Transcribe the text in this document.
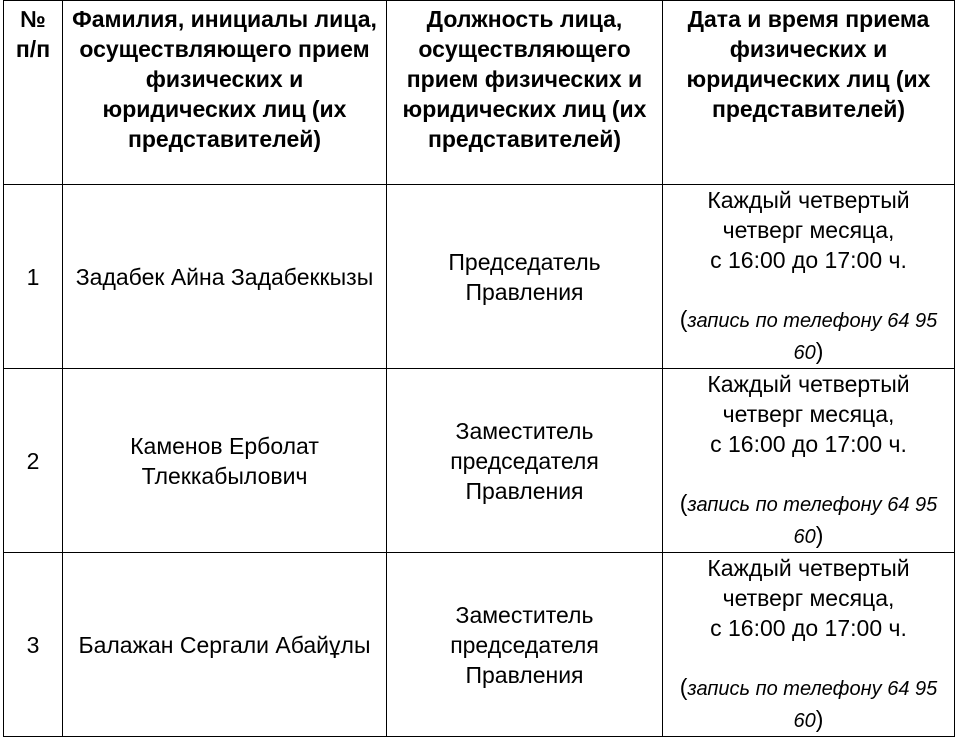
№ п/п	Фамилия, инициалы лица, осуществляющего прием физических и юридических лиц (их представителей)	Должность лица, осуществляющего прием физических и юридических лиц (их представителей)	Дата и время приема физических и юридических лиц (их представителей)
1	Задабек Айна Задабеккызы	Председатель Правления	Каждый четвертый
четверг месяца,
с 16:00 до 17:00 ч.
(запись по телефону 64 95 60)

2	Каменов Ерболат Тлеккабылович	Заместитель председателя Правления	Каждый четвертый
четверг месяца,
с 16:00 до 17:00 ч.
(запись по телефону 64 95 60)

3	Балажан Сергали Абайұлы	Заместитель председателя Правления	Каждый четвертый
четверг месяца,
с 16:00 до 17:00 ч.
(запись по телефону 64 95 60)
